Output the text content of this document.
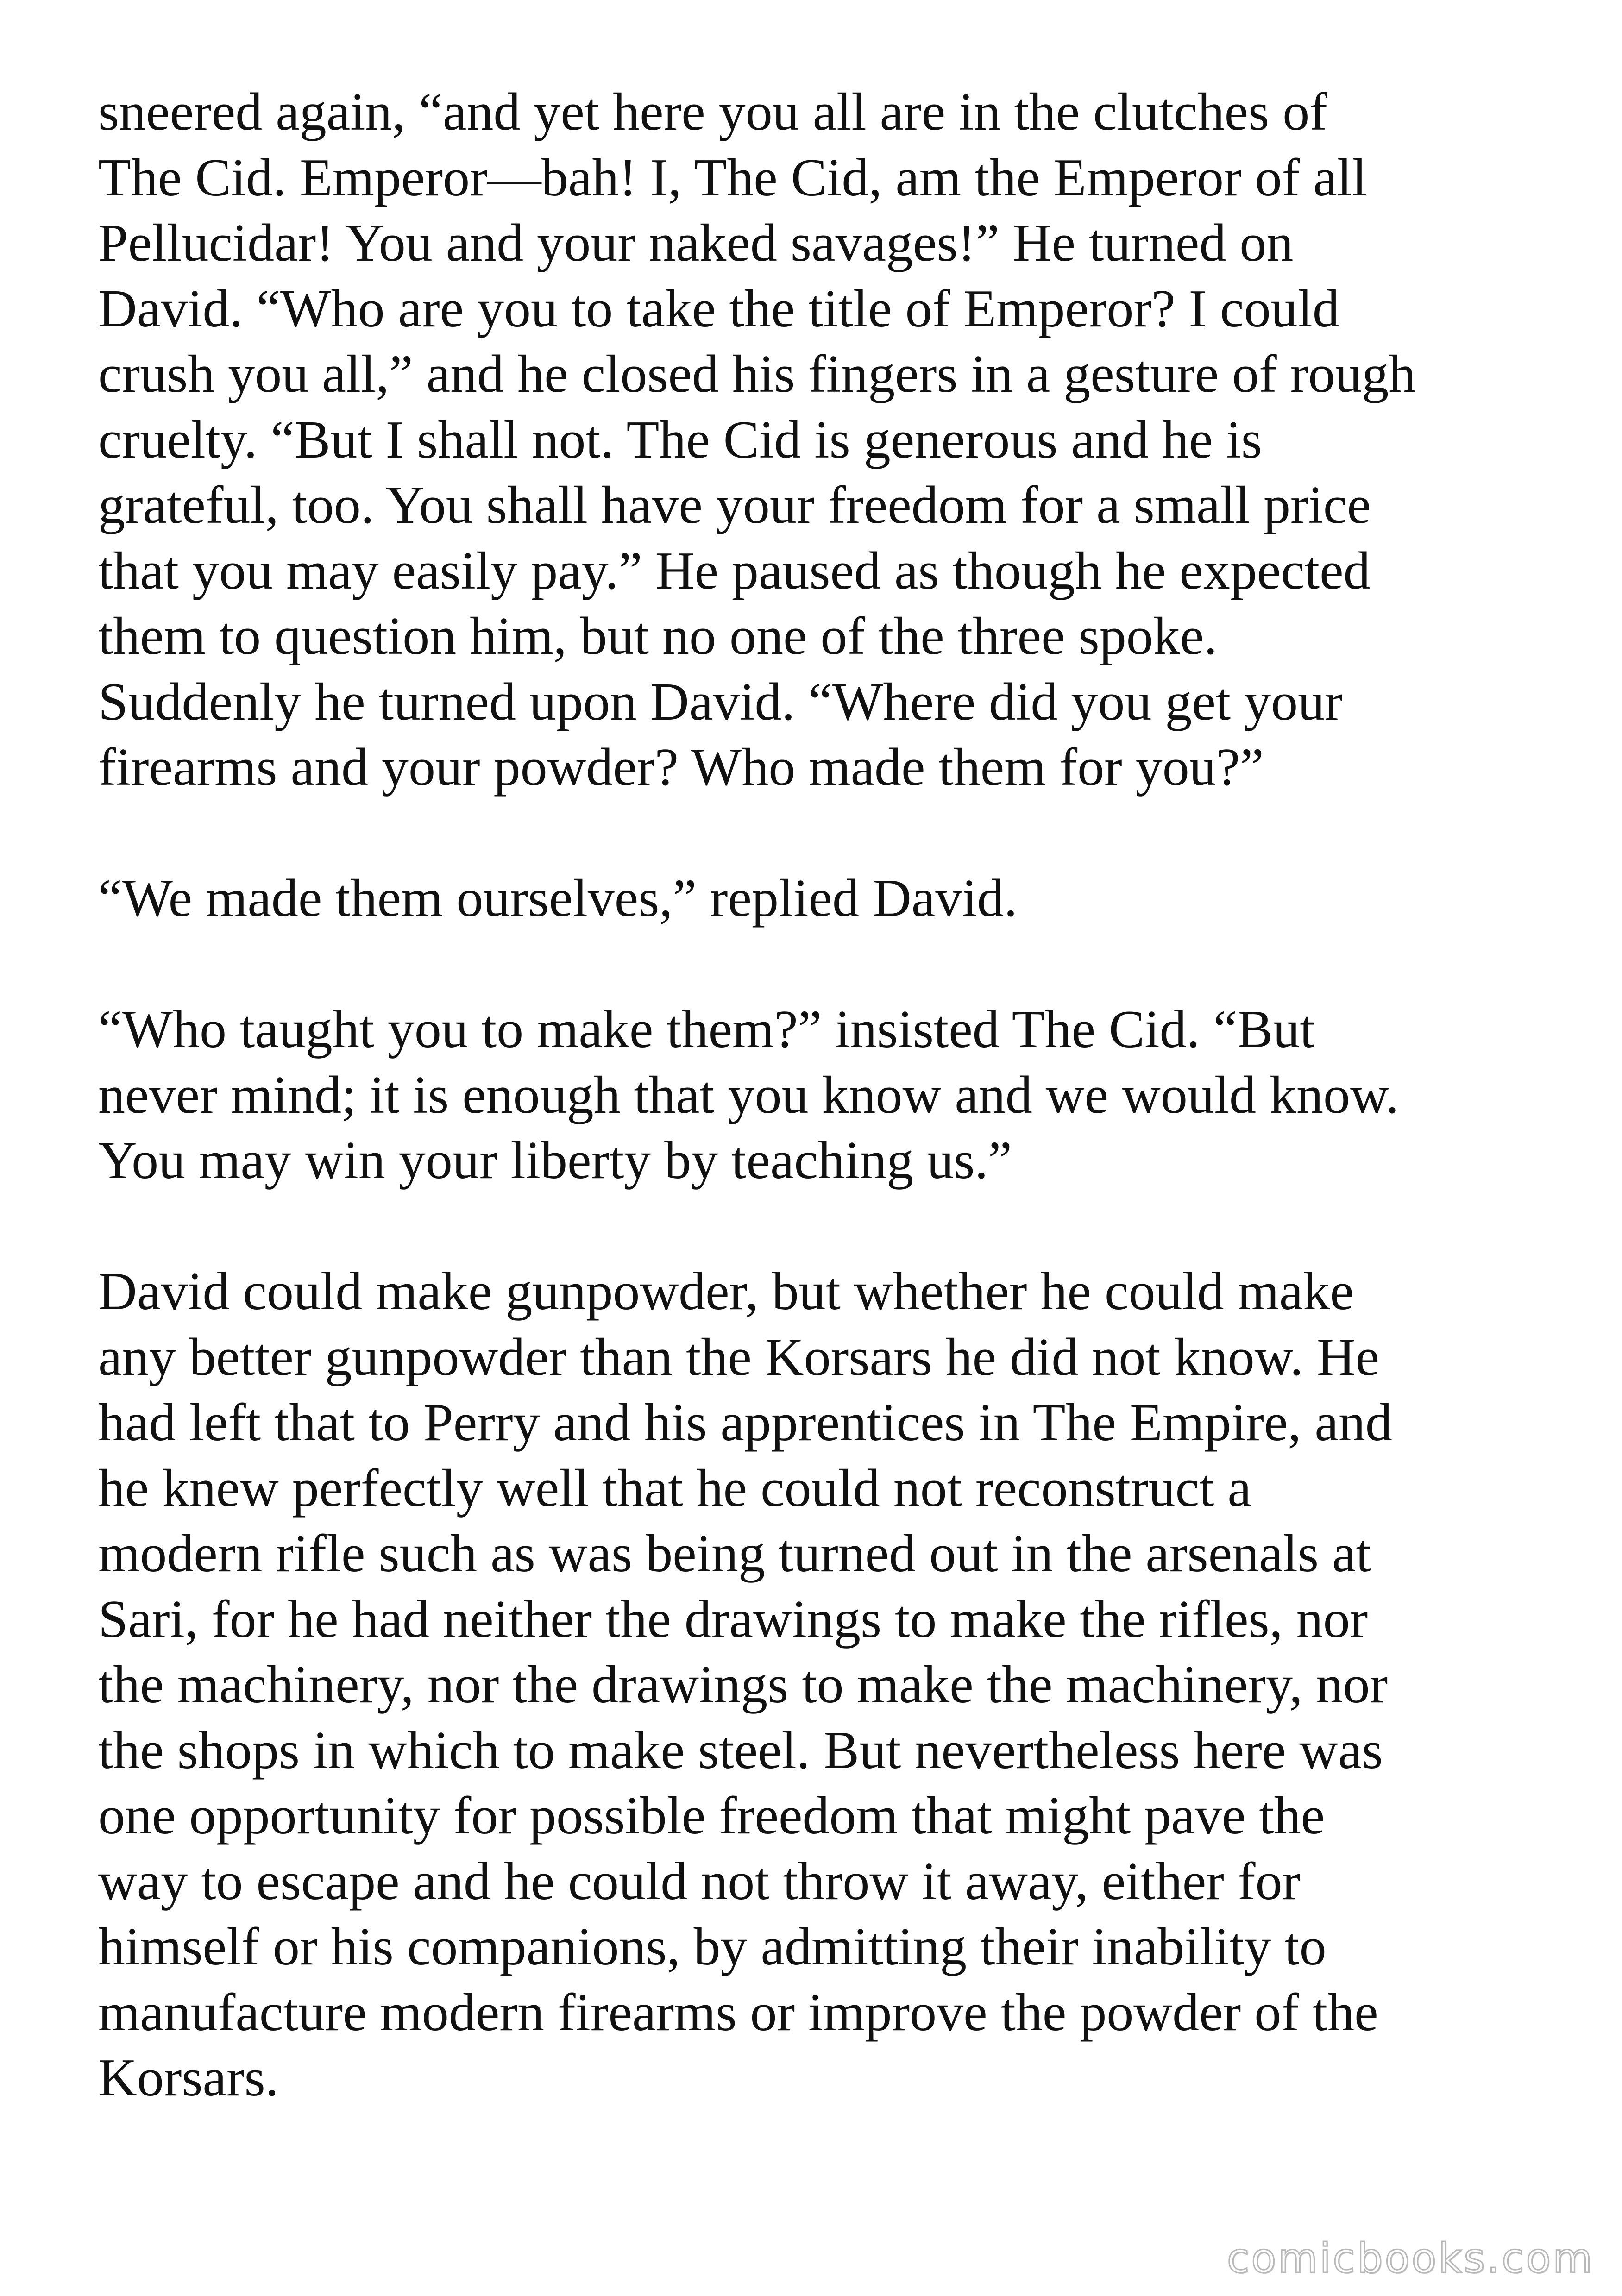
sneered again, “and yet here you all are in the clutches of
The Cid. Emperor—bah! I, The Cid, am the Emperor of all
Pellucidar! You and your naked savages!” He turned on
David. “Who are you to take the title of Emperor? I could
crush you all,” and he closed his fingers in a gesture of rough
cruelty. “But I shall not. The Cid is generous and he is
grateful, too. You shall have your freedom for a small price
that you may easily pay.” He paused as though he expected
them to question him, but no one of the three spoke.
Suddenly he turned upon David. “Where did you get your
firearms and your powder? Who made them for you?”
“We made them ourselves,” replied David.
“Who taught you to make them?” insisted The Cid. “But
never mind; it is enough that you know and we would know.
You may win your liberty by teaching us.”
David could make gunpowder, but whether he could make
any better gunpowder than the Korsars he did not know. He
had left that to Perry and his apprentices in The Empire, and
he knew perfectly well that he could not reconstruct a
modern rifle such as was being turned out in the arsenals at
Sari, for he had neither the drawings to make the rifles, nor
the machinery, nor the drawings to make the machinery, nor
the shops in which to make steel. But nevertheless here was
one opportunity for possible freedom that might pave the
way to escape and he could not throw it away, either for
himself or his companions, by admitting their inability to
manufacture modern firearms or improve the powder of the
Korsars.
comicbooks.com
